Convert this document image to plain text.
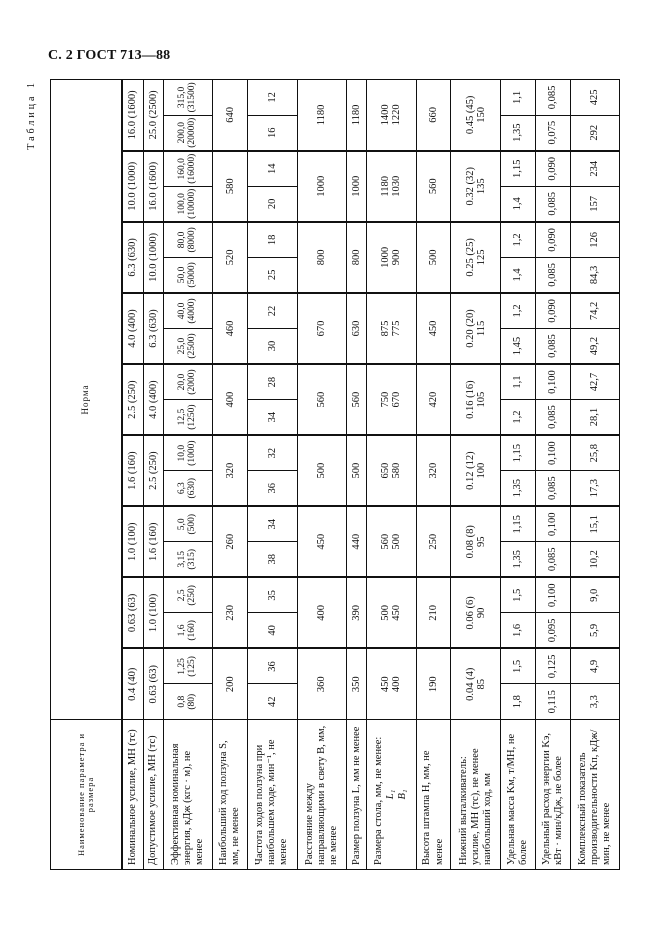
С. 2 ГОСТ 713—88
Таблица 1
Наименование параметра и размера	Норма																	
Номинальное усилие, МН (тс)	0.4 (40)		0.63 (63)		1.0 (100)		1.6 (160)		2.5 (250)		4.0 (400)		6.3 (630)		10.0 (1000)		16.0 (1600)	
Допустимое усилие, МН (тс)	0.63 (63)		1.0 (100)		1.6 (160)		2.5 (250)		4.0 (400)		6.3 (630)		10.0 (1000)		16.0 (1600)		25.0 (2500)	
Эффективная номинальная энергия, кДж (кгс · м), не менее	0,8 (80)	1,25 (125)	1,6 (160)	2,5 (250)	3,15 (315)	5,0 (500)	6,3 (630)	10,0 (1000)	12,5 (1250)	20,0 (2000)	25,0 (2500)	40,0 (4000)	50,0 (5000)	80,0 (8000)	100,0 (10000)	160,0 (16000)	200,0 (20000)	315,0 (31500)

Наибольший ход ползуна S, мм, не менее	200		230		260		320		400		460		520		580		640	
Частота ходов ползуна при наибольшем ходе, мин⁻¹, не менее	42	36	40	35	38	34	36	32	34	28	30	22	25	18	20	14	16	12
Расстояние между направляющими в свету B, мм, не менее	360		400		450		500		560		670		800		1000		1180	
Размер ползуна L, мм не менее	350		390		440		500		560		630		800		1000		1180	
Размера стола, мм, не менее: L₁ B₁	450 400		500 450		560 500		650 580		750 670		875 775		1000 900		1180 1030		1400 1220	

Высота штампа H, мм, не менее	190		210		250		320		420		450		500		560		660	
Нижний выталкиватель: усилие, МН (тс), не менее наибольший ход, мм	0.04 (4) 85		0.06 (6) 90		0.08 (8) 95		0.12 (12) 100		0.16 (16) 105		0.20 (20) 115		0.25 (25) 125		0.32 (32) 135		0.45 (45) 150	

Удельная масса Kм, т/МН, не более	1,8	1,5	1,6	1,5	1,35	1,15	1,35	1,15	1,2	1,1	1,45	1,2	1,4	1,2	1,4	1,15	1,35	1,1
Удельный расход энергии Kэ, кВт · мин/кДж, не более	0,115	0,125	0,095	0,100	0,085	0,100	0,085	0,100	0,085	0,100	0,085	0,090	0,085	0,090	0,085	0,090	0,075	0,085
Комплексный показатель производительности Kп, кДж/мин, не менее	3,3	4,9	5,9	9,0	10,2	15,1	17,3	25,8	28,1	42,7	49,2	74,2	84,3	126	157	234	292	425
